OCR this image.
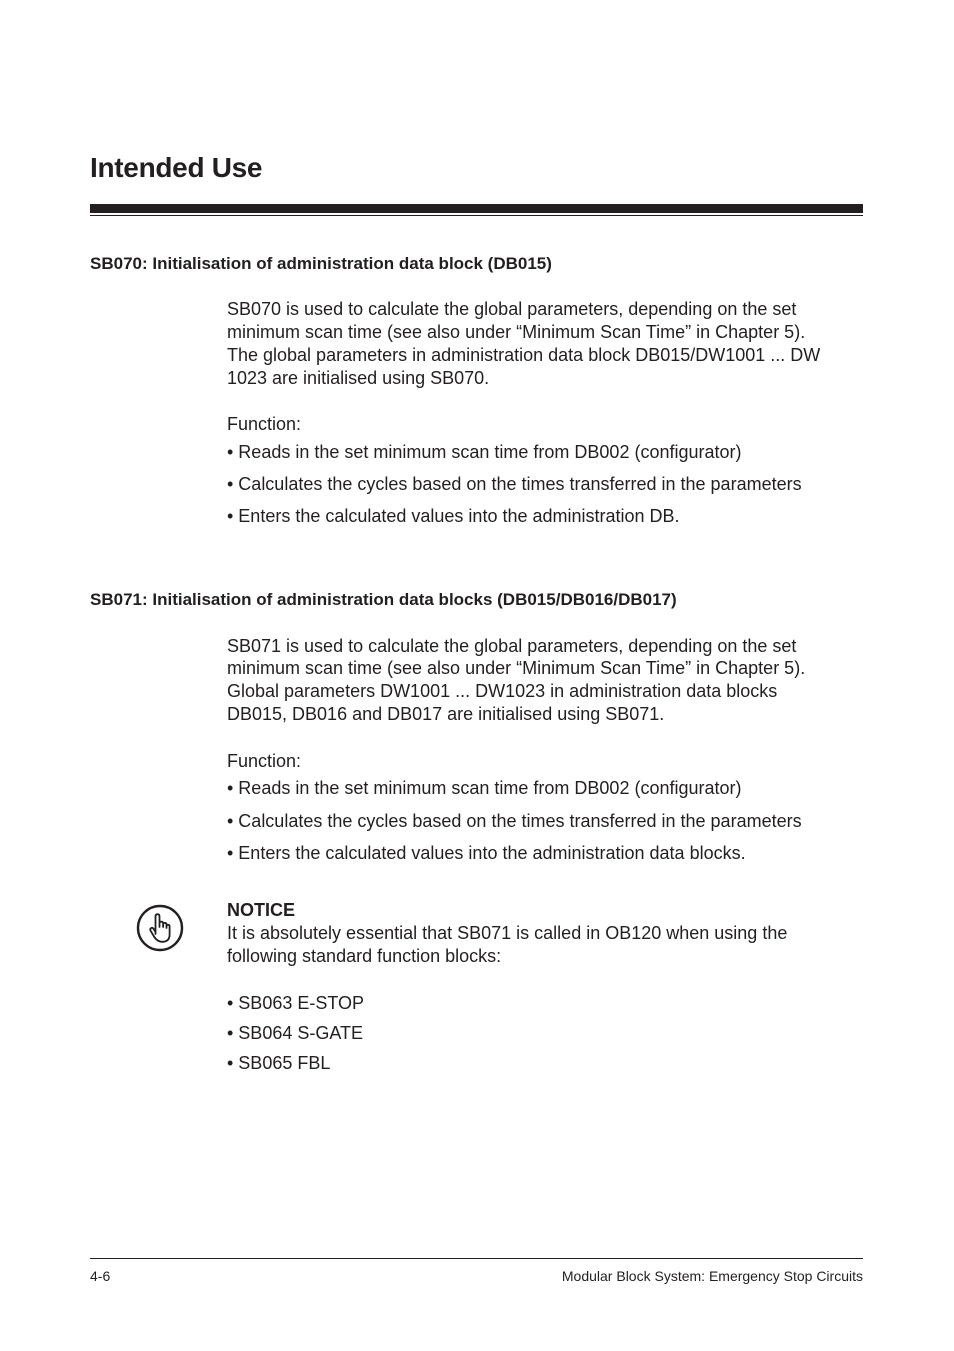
Intended Use
SB070: Initialisation of administration data block (DB015)

SB070 is used to calculate the global parameters, depending on the set

minimum scan time (see also under “Minimum Scan Time” in Chapter 5).

The global parameters in administration data block DB015/DW1001 ... DW

1023 are initialised using SB070.

Function:

• Reads in the set minimum scan time from DB002 (configurator)

• Calculates the cycles based on the times transferred in the parameters

• Enters the calculated values into the administration DB.

SB071: Initialisation of administration data blocks (DB015/DB016/DB017)

SB071 is used to calculate the global parameters, depending on the set

minimum scan time (see also under “Minimum Scan Time” in Chapter 5).

Global parameters DW1001 ... DW1023 in administration data blocks

DB015, DB016 and DB017 are initialised using SB071.

Function:

• Reads in the set minimum scan time from DB002 (configurator)

• Calculates the cycles based on the times transferred in the parameters

• Enters the calculated values into the administration data blocks.

NOTICE

It is absolutely essential that SB071 is called in OB120 when using the

following standard function blocks:

• SB063 E-STOP

• SB064 S-GATE

• SB065 FBL

4-6	Modular Block System: Emergency Stop Circuits
